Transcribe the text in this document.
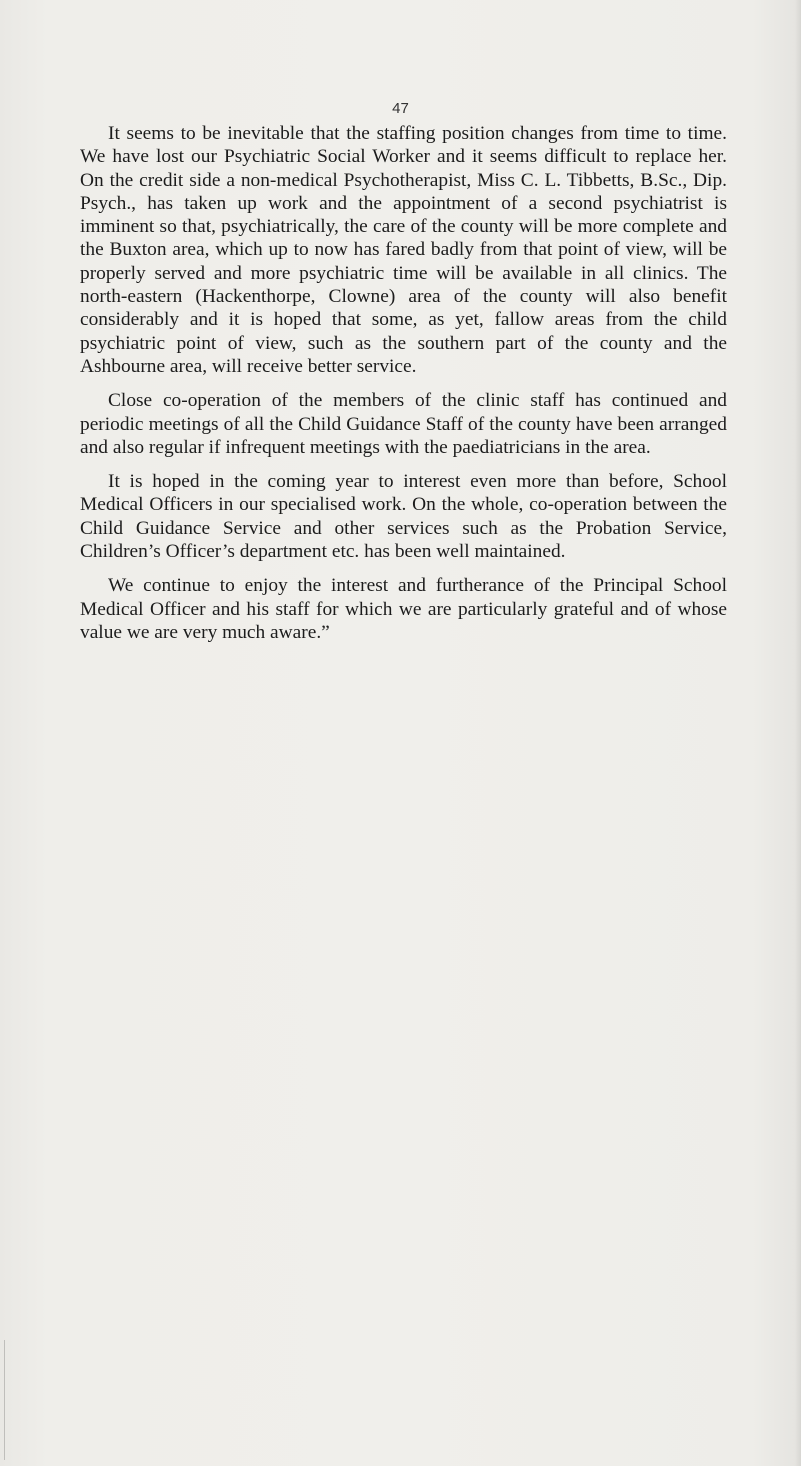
47

It seems to be inevitable that the staffing position changes from time to time. We have lost our Psychiatric Social Worker and it seems difficult to replace her. On the credit side a non-medical Psychotherapist, Miss C. L. Tibbetts, B.Sc., Dip. Psych., has taken up work and the appointment of a second psychiatrist is imminent so that, psychiatrically, the care of the county will be more complete and the Buxton area, which up to now has fared badly from that point of view, will be properly served and more psychiatric time will be available in all clinics. The north-eastern (Hackenthorpe, Clowne) area of the county will also benefit considerably and it is hoped that some, as yet, fallow areas from the child psychiatric point of view, such as the southern part of the county and the Ashbourne area, will receive better service.

Close co-operation of the members of the clinic staff has continued and periodic meetings of all the Child Guidance Staff of the county have been arranged and also regular if infrequent meetings with the paediatricians in the area.

It is hoped in the coming year to interest even more than before, School Medical Officers in our specialised work. On the whole, co-operation between the Child Guidance Service and other services such as the Probation Service, Children’s Officer’s department etc. has been well maintained.

We continue to enjoy the interest and furtherance of the Principal School Medical Officer and his staff for which we are particularly grateful and of whose value we are very much aware.”
